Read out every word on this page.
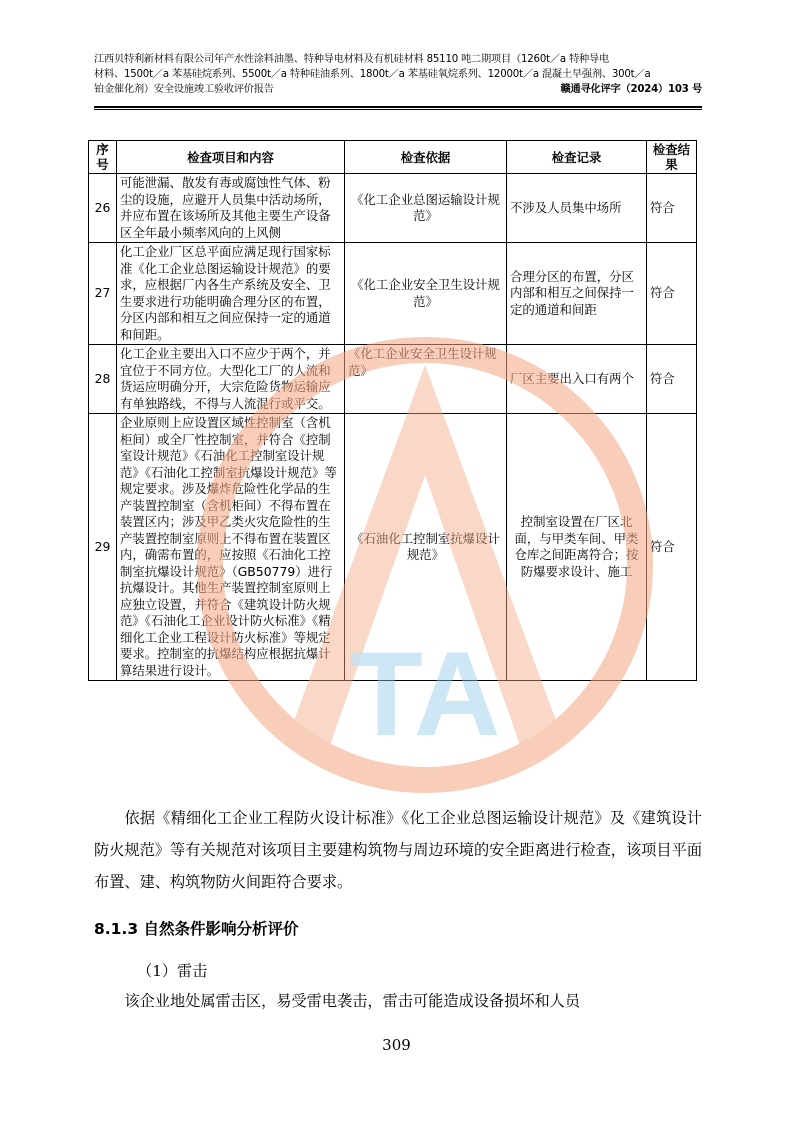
江西贝特利新材料有限公司年产水性涂料油墨、特种导电材料及有机硅材料 85110 吨二期项目（1260t／a 特种导电
材料、1500t／a 苯基硅烷系列、5500t／a 特种硅油系列、1800t／a 苯基硅氧烷系列、12000t／a 混凝土早强剂、300t／a
铂金催化剂）安全设施竣工验收评价报告	赣通寻化评字（2024）103 号
序号	检查项目和内容	检查依据	检查记录	检查结果
26	可能泄漏、散发有毒或腐蚀性气体、粉尘的设施，应避开人员集中活动场所，并应布置在该场所及其他主要生产设备区全年最小频率风向的上风侧	《化工企业总图运输设计规范》	不涉及人员集中场所	符合
27	化工企业厂区总平面应满足现行国家标准《化工企业总图运输设计规范》的要求，应根据厂内各生产系统及安全、卫生要求进行功能明确合理分区的布置，分区内部和相互之间应保持一定的通道和间距。	《化工企业安全卫生设计规范》	合理分区的布置，分区内部和相互之间保持一定的通道和间距	符合
28	化工企业主要出入口不应少于两个，并宜位于不同方位。大型化工厂的人流和货运应明确分开，大宗危险货物运输应有单独路线，不得与人流混行或平交。	《化工企业安全卫生设计规范》	厂区主要出入口有两个	符合
29	企业原则上应设置区域性控制室（含机柜间）或全厂性控制室，并符合《控制室设计规范》《石油化工控制室设计规范》《石油化工控制室抗爆设计规范》等规定要求。涉及爆炸危险性化学品的生产装置控制室（含机柜间）不得布置在装置区内；涉及甲乙类火灾危险性的生产装置控制室原则上不得布置在装置区内，确需布置的，应按照《石油化工控制室抗爆设计规范》（GB50779）进行抗爆设计。其他生产装置控制室原则上应独立设置，并符合《建筑设计防火规范》《石油化工企业设计防火标准》《精细化工企业工程设计防火标准》等规定要求。控制室的抗爆结构应根据抗爆计算结果进行设计。	《石油化工控制室抗爆设计规范》	控制室设置在厂区北面，与甲类车间、甲类仓库之间距离符合；按防爆要求设计、施工	符合
TA
依据《精细化工企业工程防火设计标准》《化工企业总图运输设计规范》及《建筑设计防火规范》等有关规范对该项目主要建构筑物与周边环境的安全距离进行检查，该项目平面布置、建、构筑物防火间距符合要求。
8.1.3 自然条件影响分析评价
（1）雷击
该企业地处属雷击区，易受雷电袭击，雷击可能造成设备损坏和人员
309
